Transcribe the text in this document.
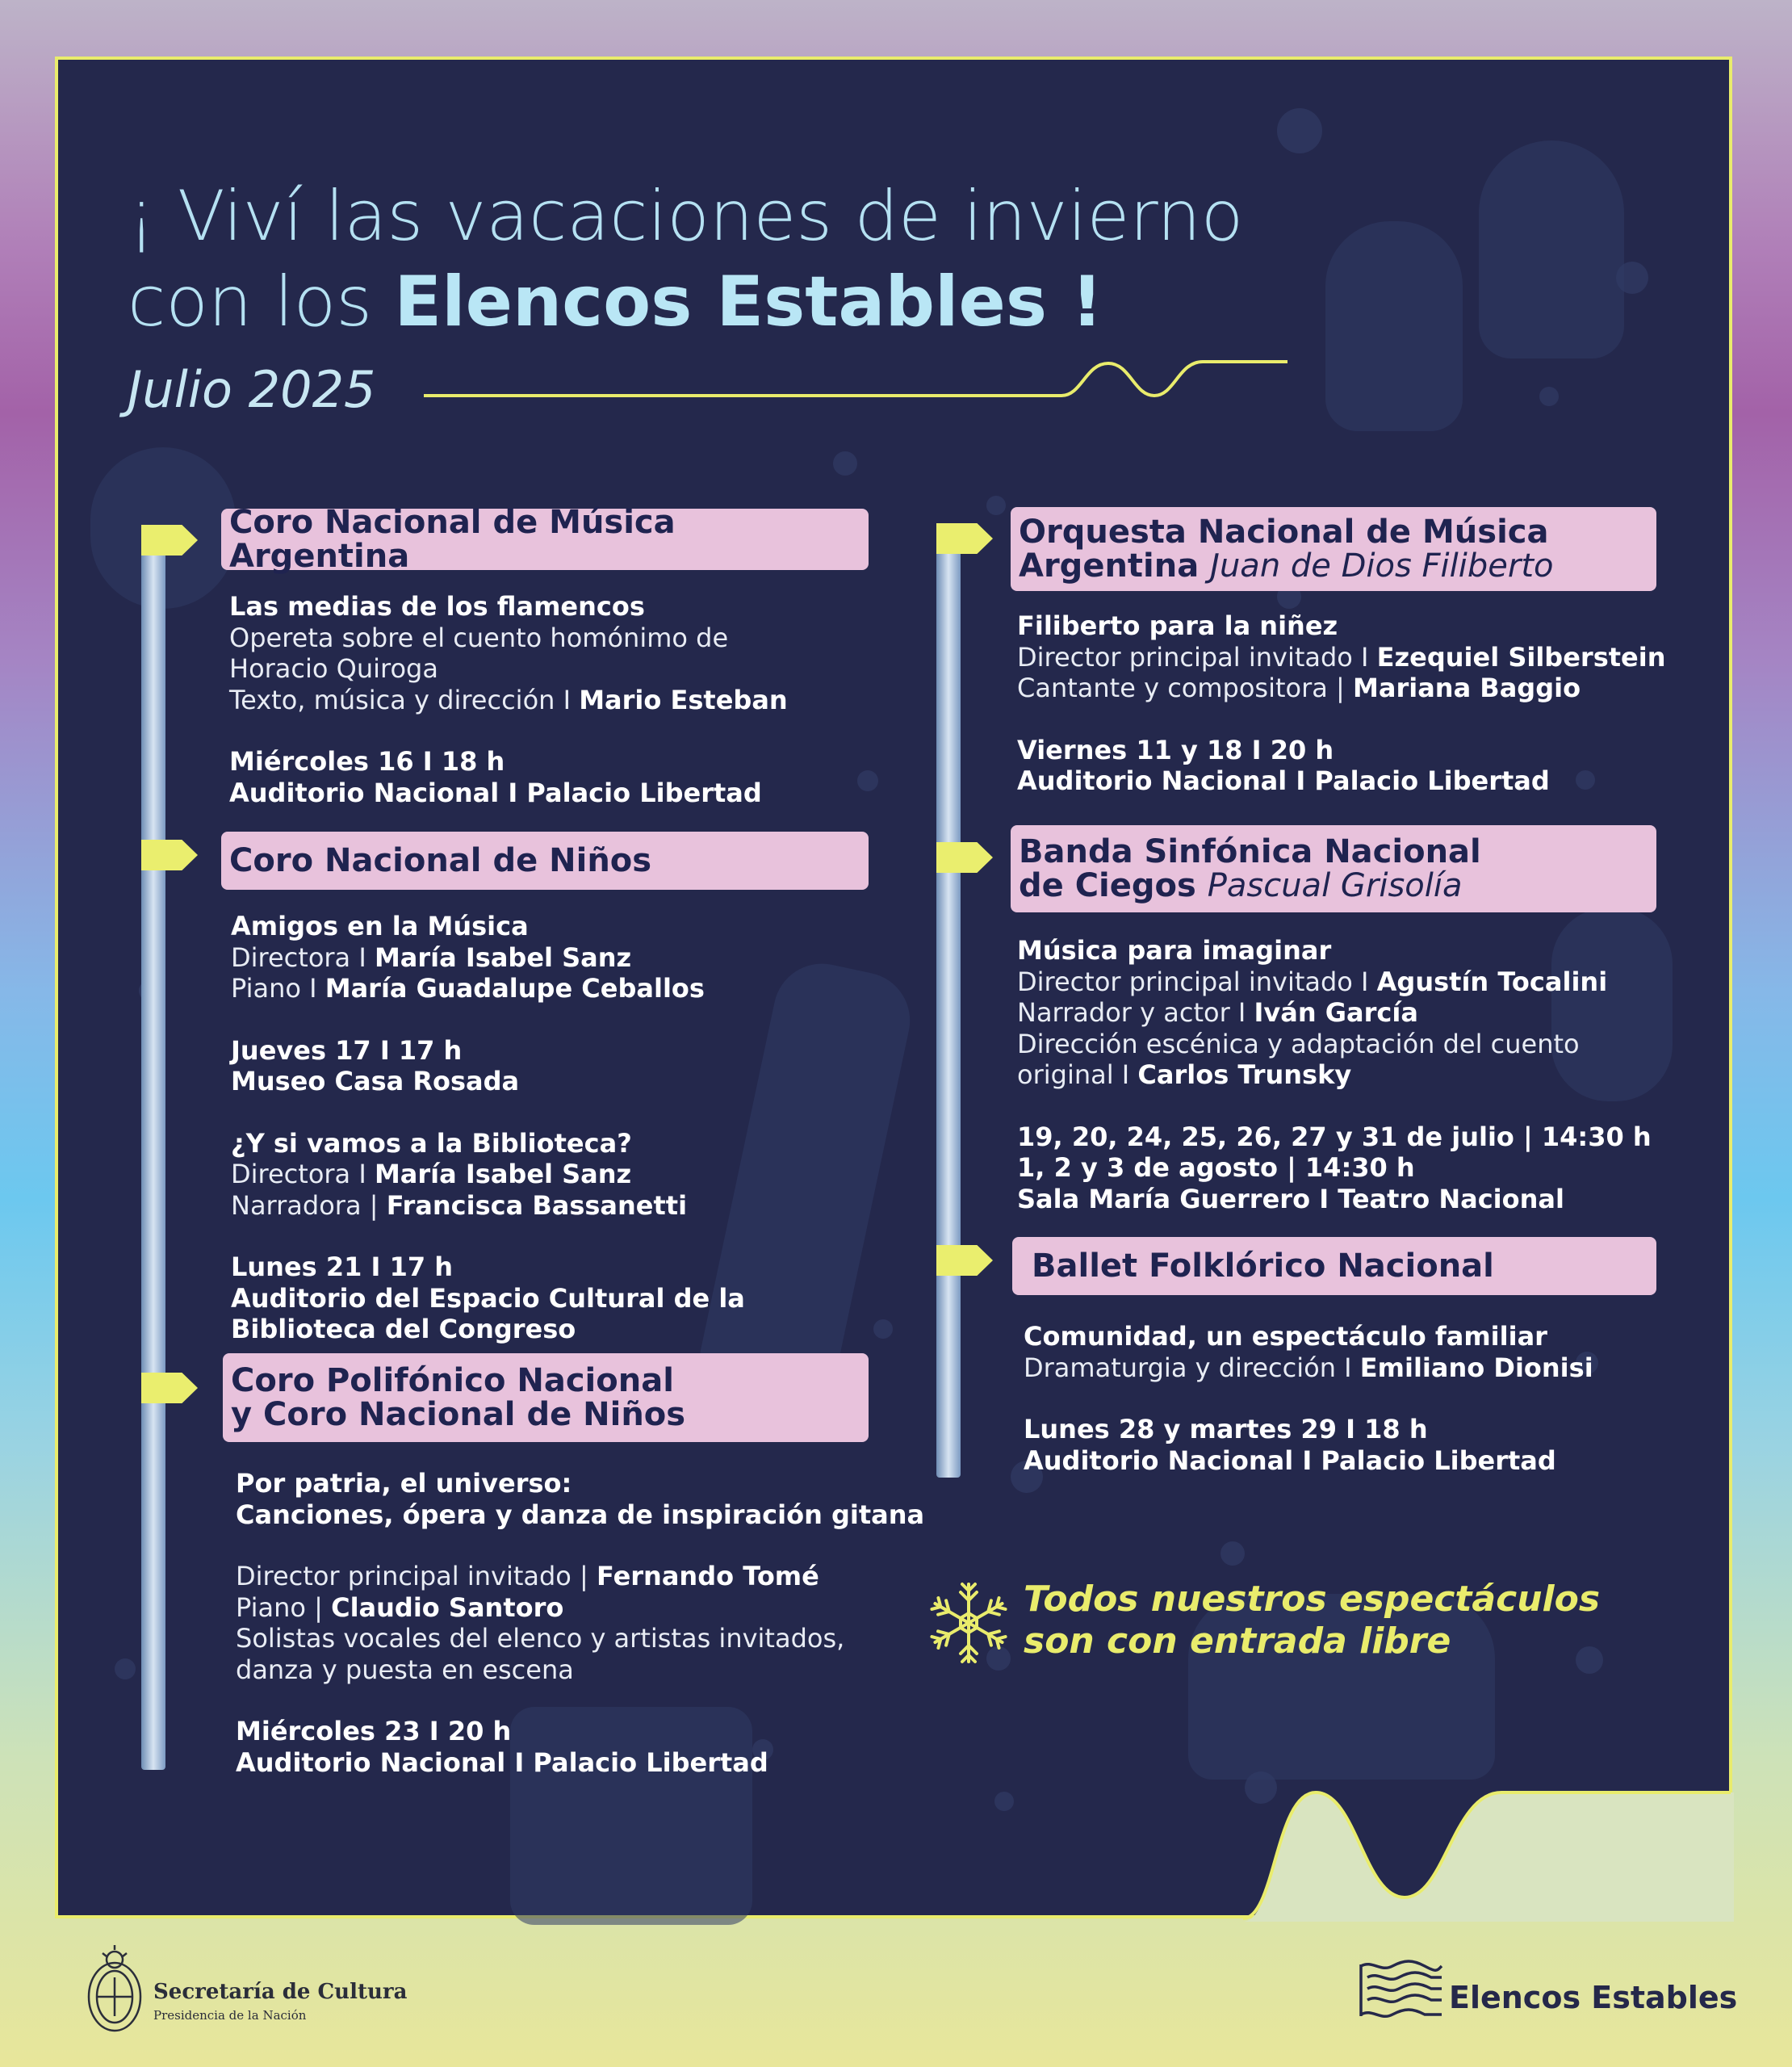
¡ Viví las vacaciones de invierno
con los Elencos Estables !
Julio 2025
Coro Nacional de Música Argentina
Las medias de los flamencos
Opereta sobre el cuento homónimo de
Horacio Quiroga
Texto, música y dirección I Mario Esteban
Miércoles 16 I 18 h
Auditorio Nacional I Palacio Libertad
Coro Nacional de Niños
Amigos en la Música
Directora I María Isabel Sanz
Piano I María Guadalupe Ceballos
Jueves 17 I 17 h
Museo Casa Rosada
¿Y si vamos a la Biblioteca?
Directora I María Isabel Sanz
Narradora | Francisca Bassanetti
Lunes 21 I 17 h
Auditorio del Espacio Cultural de la
Biblioteca del Congreso
Coro Polifónico Nacional
y Coro Nacional de Niños
Por patria, el universo:
Canciones, ópera y danza de inspiración gitana
Director principal invitado | Fernando Tomé
Piano | Claudio Santoro
Solistas vocales del elenco y artistas invitados,
danza y puesta en escena
Miércoles 23 I 20 h
Auditorio Nacional I Palacio Libertad
Orquesta Nacional de Música
Argentina Juan de Dios Filiberto
Filiberto para la niñez
Director principal invitado I Ezequiel Silberstein
Cantante y compositora | Mariana Baggio
Viernes 11 y 18 I 20 h
Auditorio Nacional I Palacio Libertad
Banda Sinfónica Nacional
de Ciegos Pascual Grisolía
Música para imaginar
Director principal invitado I Agustín Tocalini
Narrador y actor I Iván García
Dirección escénica y adaptación del cuento
original I Carlos Trunsky
19, 20, 24, 25, 26, 27 y 31 de julio | 14:30 h
1, 2 y 3 de agosto | 14:30 h
Sala María Guerrero I Teatro Nacional
Ballet Folklórico Nacional
Comunidad, un espectáculo familiar
Dramaturgia y dirección I Emiliano Dionisi
Lunes 28 y martes 29 I 18 h
Auditorio Nacional I Palacio Libertad
Todos nuestros espectáculos
son con entrada libre
Secretaría de Cultura
Presidencia de la Nación	Elencos Estables
